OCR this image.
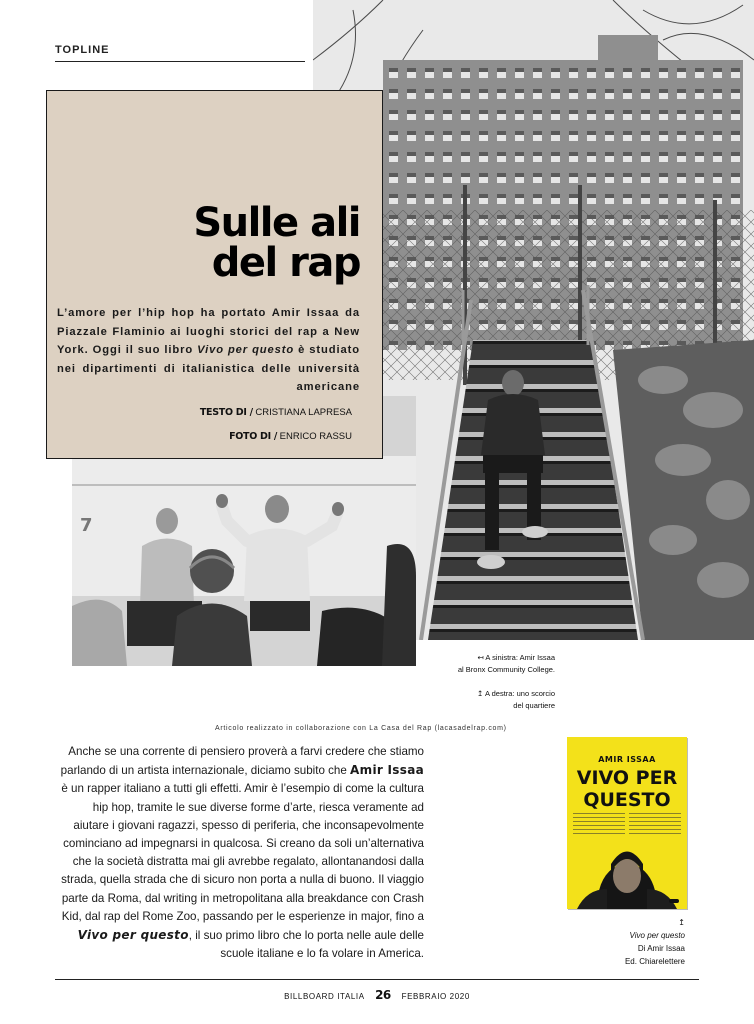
TOPLINE
7
Sulle ali
del rap
L’amore per l’hip hop ha portato Amir Issaa da Piazzale Flaminio ai luoghi storici del rap a New York. Oggi il suo libro Vivo per questo è studiato nei dipartimenti di italianistica delle università americane
TESTO DI / CRISTIANA LAPRESA
FOTO DI / ENRICO RASSU
↤ A sinistra: Amir Issaa
al Bronx Community College.
↥ A destra: uno scorcio
del quartiere
Articolo realizzato in collaborazione con La Casa del Rap (lacasadelrap.com)
Anche se una corrente di pensiero proverà a farvi credere che stiamo parlando di un artista internazionale, diciamo subito che Amir Issaa è un rapper italiano a tutti gli effetti. Amir è l’esempio di come la cultura hip hop, tramite le sue diverse forme d’arte, riesca veramente ad aiutare i giovani ragazzi, spesso di periferia, che inconsapevolmente cominciano ad impegnarsi in qualcosa. Si creano da soli un’alternativa che la società distratta mai gli avrebbe regalato, allontanandosi dalla strada, quella strada che di sicuro non porta a nulla di buono. Il viaggio parte da Roma, dal writing in metropolitana alla breakdance con Crash Kid, dal rap del Rome Zoo, passando per le esperienze in major, fino a Vivo per questo, il suo primo libro che lo porta nelle aule delle scuole italiane e lo fa volare in America.
AMIR ISSAA
VIVO PER
QUESTO
↥
Vivo per questo
Di Amir Issaa
Ed. Chiarelettere
BILLBOARD ITALIA 26 FEBBRAIO 2020
